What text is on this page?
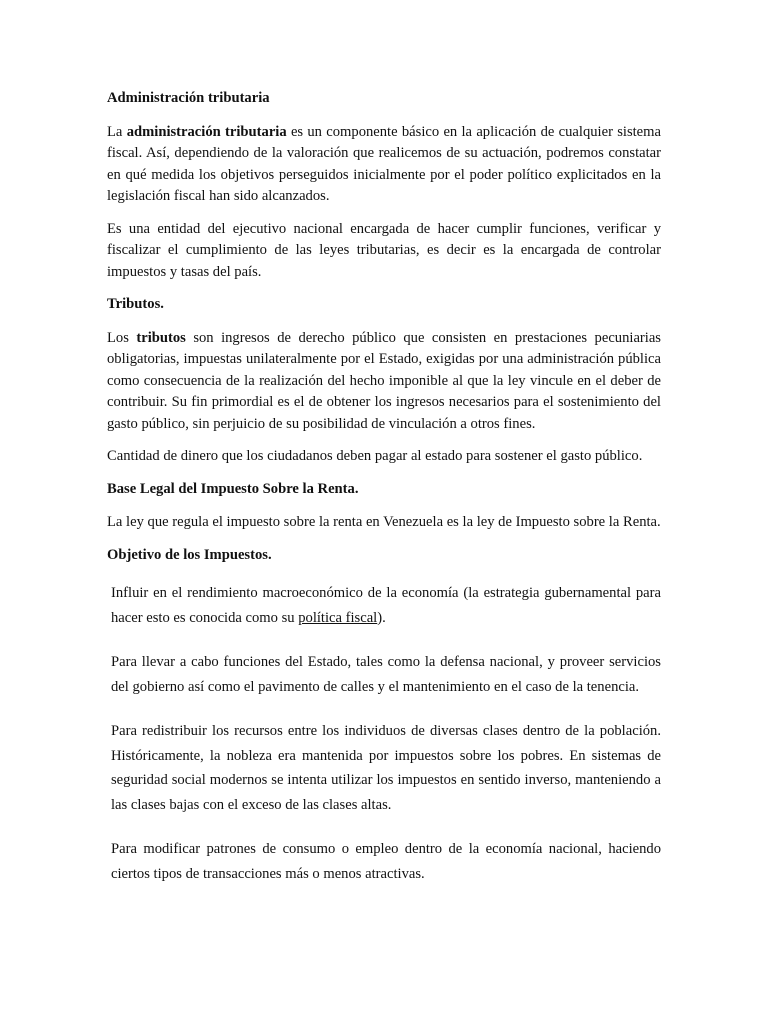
Administración tributaria

La administración tributaria es un componente básico en la aplicación de cualquier sistema fiscal. Así, dependiendo de la valoración que realicemos de su actuación, podremos constatar en qué medida los objetivos perseguidos inicialmente por el poder político explicitados en la legislación fiscal han sido alcanzados.

Es una entidad del ejecutivo nacional encargada de hacer cumplir funciones, verificar y fiscalizar el cumplimiento de las leyes tributarias, es decir es la encargada de controlar impuestos y tasas del país.

Tributos.

Los tributos son ingresos de derecho público que consisten en prestaciones pecuniarias obligatorias, impuestas unilateralmente por el Estado, exigidas por una administración pública como consecuencia de la realización del hecho imponible al que la ley vincule en el deber de contribuir. Su fin primordial es el de obtener los ingresos necesarios para el sostenimiento del gasto público, sin perjuicio de su posibilidad de vinculación a otros fines.

Cantidad de dinero que los ciudadanos deben pagar al estado para sostener el gasto público.

Base Legal del Impuesto Sobre la Renta.

La ley que regula el impuesto sobre la renta en Venezuela es la ley de Impuesto sobre la Renta.

Objetivo de los Impuestos.

Influir en el rendimiento macroeconómico de la economía (la estrategia gubernamental para hacer esto es conocida como su política fiscal).

Para llevar a cabo funciones del Estado, tales como la defensa nacional, y proveer servicios del gobierno así como el pavimento de calles y el mantenimiento en el caso de la tenencia.

Para redistribuir los recursos entre los individuos de diversas clases dentro de la población. Históricamente, la nobleza era mantenida por impuestos sobre los pobres. En sistemas de seguridad social modernos se intenta utilizar los impuestos en sentido inverso, manteniendo a las clases bajas con el exceso de las clases altas.

Para modificar patrones de consumo o empleo dentro de la economía nacional, haciendo ciertos tipos de transacciones más o menos atractivas.
